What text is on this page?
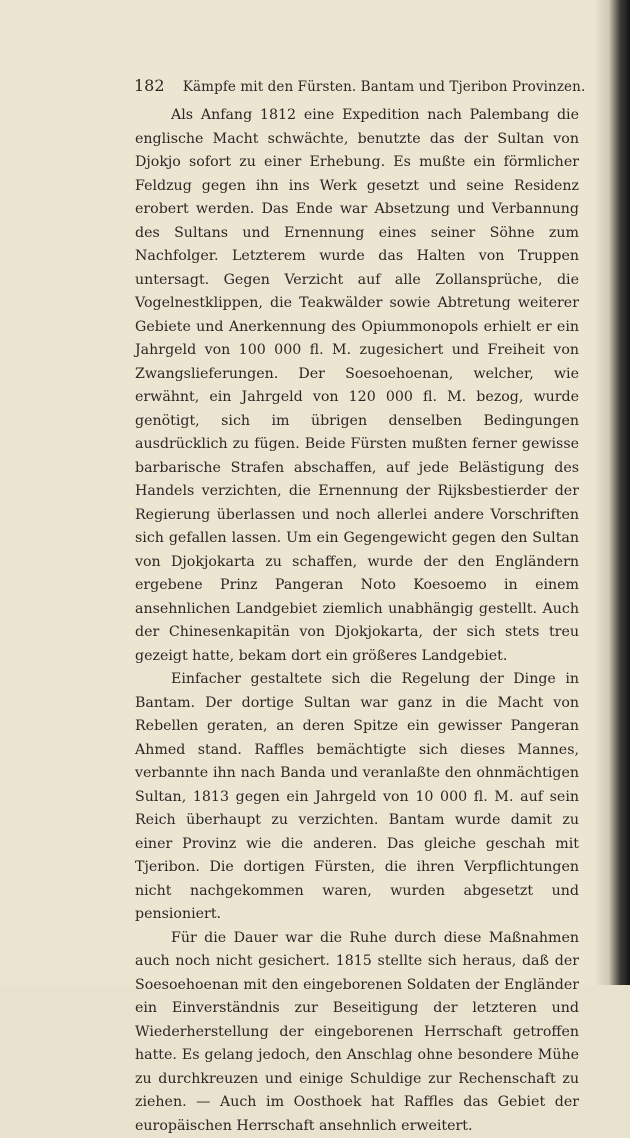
182 Kämpfe mit den Fürsten. Bantam und Tjeribon Provinzen.

Als Anfang 1812 eine Expedition nach Palembang die englische Macht schwächte, benutzte das der Sultan von Djokjo sofort zu einer Erhebung. Es mußte ein förmlicher Feldzug gegen ihn ins Werk gesetzt und seine Residenz erobert werden. Das Ende war Absetzung und Verbannung des Sultans und Ernennung eines seiner Söhne zum Nachfolger. Letzterem wurde das Halten von Truppen untersagt. Gegen Verzicht auf alle Zollansprüche, die Vogelnestklippen, die Teakwälder sowie Abtretung weiterer Gebiete und Anerkennung des Opiummonopols erhielt er ein Jahrgeld von 100 000 fl. M. zugesichert und Freiheit von Zwangslieferungen. Der Soesoehoenan, welcher, wie erwähnt, ein Jahrgeld von 120 000 fl. M. bezog, wurde genötigt, sich im übrigen denselben Bedingungen ausdrücklich zu fügen. Beide Fürsten mußten ferner gewisse barbarische Strafen abschaffen, auf jede Belästigung des Handels verzichten, die Ernennung der Rijksbestierder der Regierung überlassen und noch allerlei andere Vorschriften sich gefallen lassen. Um ein Gegengewicht gegen den Sultan von Djokjokarta zu schaffen, wurde der den Engländern ergebene Prinz Pangeran Noto Koesoemo in einem ansehnlichen Landgebiet ziemlich unabhängig gestellt. Auch der Chinesenkapitän von Djokjokarta, der sich stets treu gezeigt hatte, bekam dort ein größeres Landgebiet.

Einfacher gestaltete sich die Regelung der Dinge in Bantam. Der dortige Sultan war ganz in die Macht von Rebellen geraten, an deren Spitze ein gewisser Pangeran Ahmed stand. Raffles bemächtigte sich dieses Mannes, verbannte ihn nach Banda und veranlaßte den ohnmächtigen Sultan, 1813 gegen ein Jahrgeld von 10 000 fl. M. auf sein Reich überhaupt zu verzichten. Bantam wurde damit zu einer Provinz wie die anderen. Das gleiche geschah mit Tjeribon. Die dortigen Fürsten, die ihren Verpflichtungen nicht nachgekommen waren, wurden abgesetzt und pensioniert.

Für die Dauer war die Ruhe durch diese Maßnahmen auch noch nicht gesichert. 1815 stellte sich heraus, daß der Soesoehoenan mit den eingeborenen Soldaten der Engländer ein Einverständnis zur Beseitigung der letzteren und Wiederherstellung der eingeborenen Herrschaft getroffen hatte. Es gelang jedoch, den Anschlag ohne besondere Mühe zu durchkreuzen und einige Schuldige zur Rechenschaft zu ziehen. — Auch im Oosthoek hat Raffles das Gebiet der europäischen Herrschaft ansehnlich erweitert.
